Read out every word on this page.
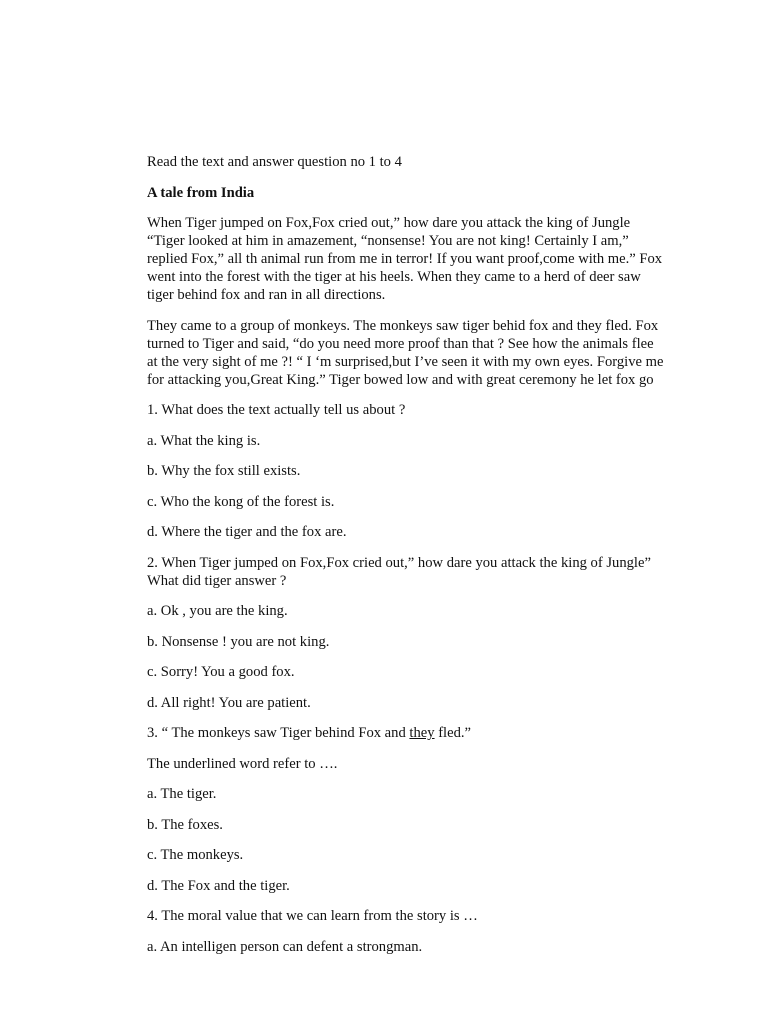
Read the text and answer question no 1 to 4

A tale from India

When Tiger jumped on Fox,Fox cried out,” how dare you attack the king of Jungle “Tiger looked at him in amazement, “nonsense! You are not king! Certainly I am,” replied Fox,” all th animal run from me in terror! If you want proof,come with me.” Fox went into the forest with the tiger at his heels. When they came to a herd of deer saw tiger behind fox and ran in all directions.

They came to a group of monkeys. The monkeys saw tiger behid fox and they fled. Fox turned to Tiger and said, “do you need more proof than that ? See how the animals flee at the very sight of me ?! “ I ‘m surprised,but I’ve seen it with my own eyes. Forgive me for attacking you,Great King.” Tiger bowed low and with great ceremony he let fox go

1. What does the text actually tell us about ?

a. What the king is.

b. Why the fox still exists.

c. Who the kong of the forest is.

d. Where the tiger and the fox are.

2. When Tiger jumped on Fox,Fox cried out,” how dare you attack the king of Jungle” What did tiger answer ?

a. Ok , you are the king.

b. Nonsense ! you are not king.

c. Sorry! You a good fox.

d. All right! You are patient.

3. “ The monkeys saw Tiger behind Fox and they fled.”

The underlined word refer to ….

a. The tiger.

b. The foxes.

c. The monkeys.

d. The Fox and the tiger.

4. The moral value that we can learn from the story is …

a. An intelligen person can defent a strongman.
